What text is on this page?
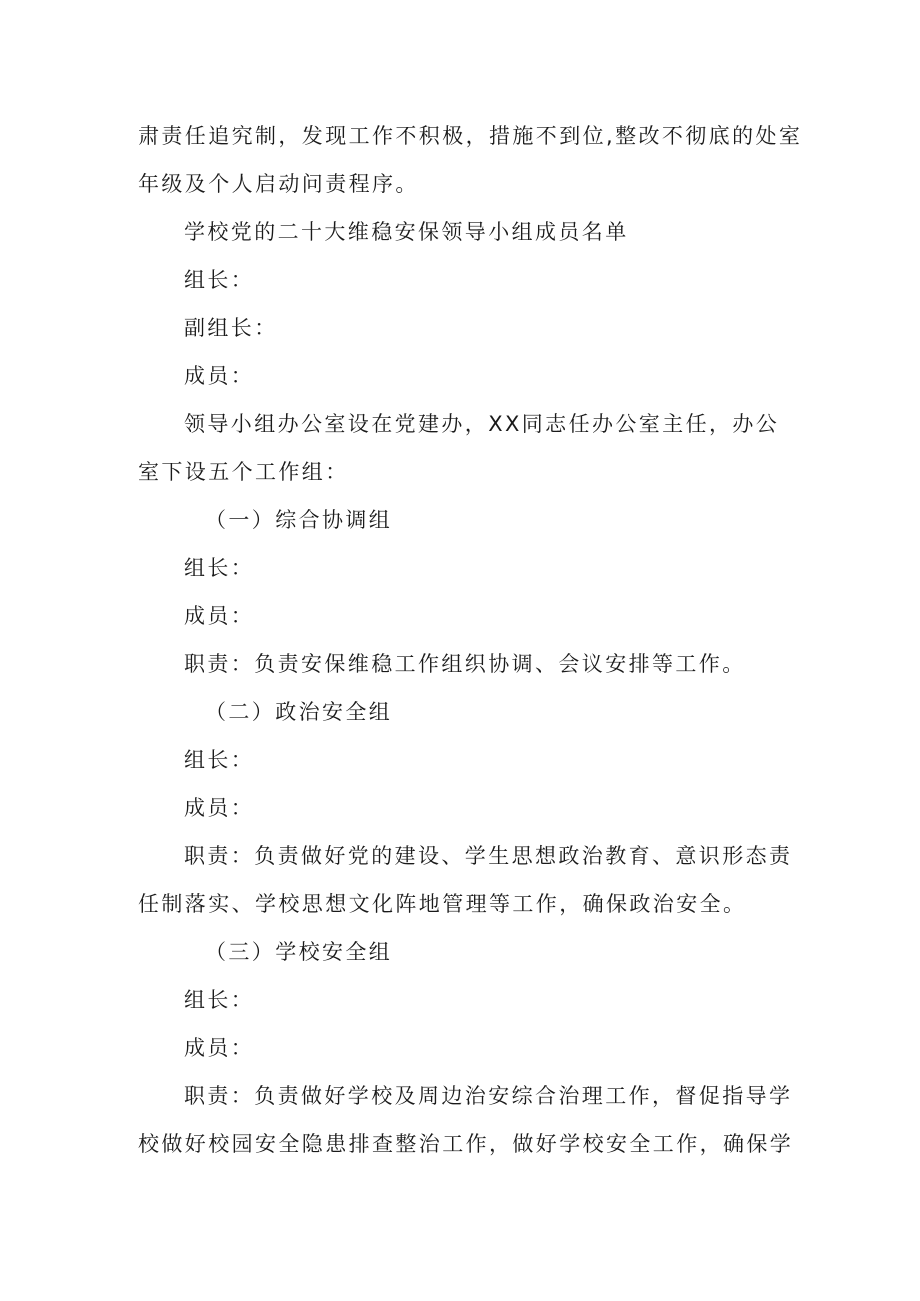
肃责任追究制，发现工作不积极，措施不到位,整改不彻底的处室
年级及个人启动问责程序。
学校党的二十大维稳安保领导小组成员名单
组长：
副组长：
成员：
领导小组办公室设在党建办，XX同志任办公室主任，办公
室下设五个工作组：
（一）综合协调组
组长：
成员：
职责：负责安保维稳工作组织协调、会议安排等工作。
（二）政治安全组
组长：
成员：
职责：负责做好党的建设、学生思想政治教育、意识形态责
任制落实、学校思想文化阵地管理等工作，确保政治安全。
（三）学校安全组
组长：
成员：
职责：负责做好学校及周边治安综合治理工作，督促指导学
校做好校园安全隐患排查整治工作，做好学校安全工作，确保学
